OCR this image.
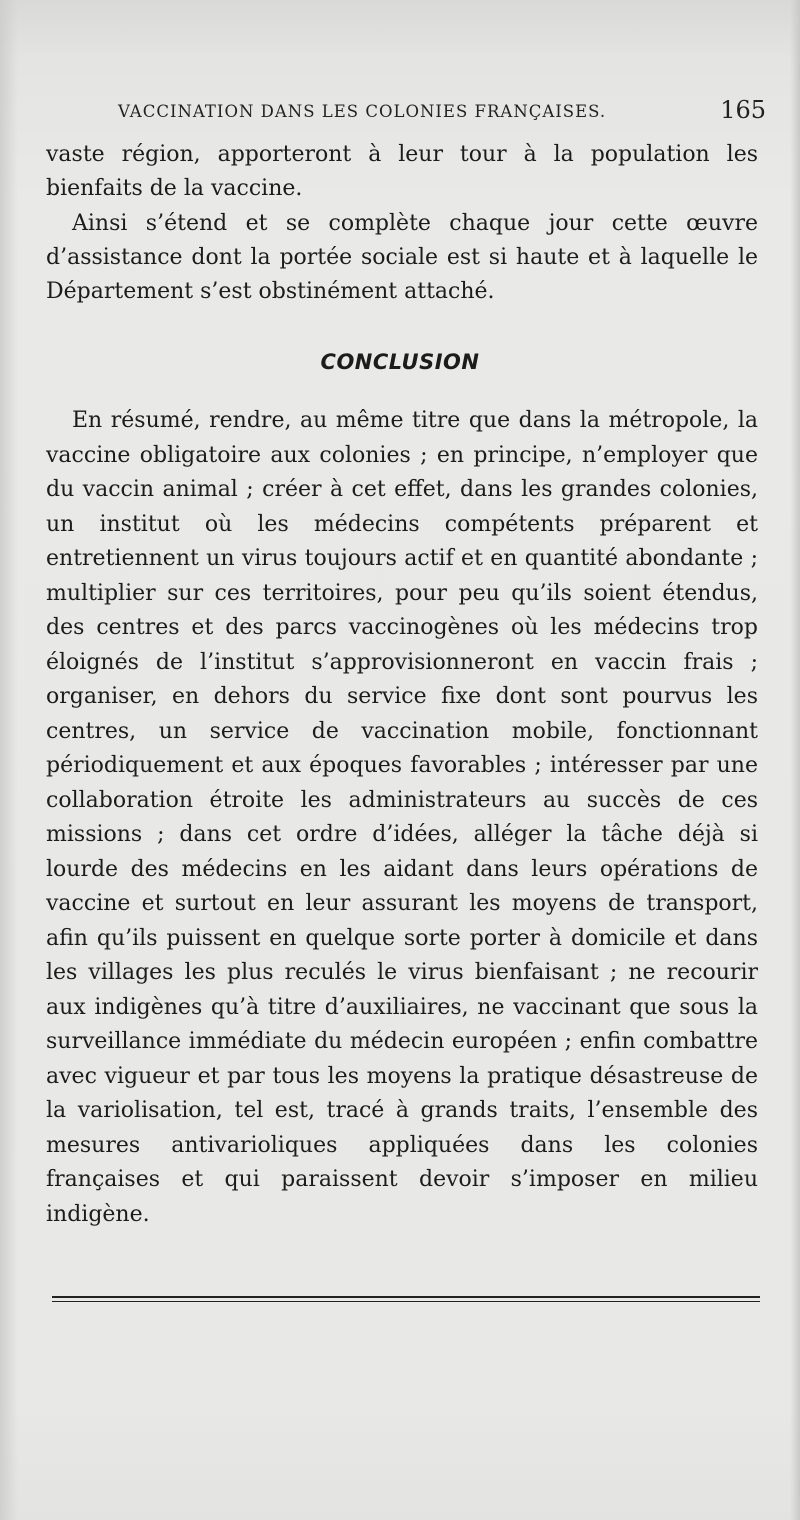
VACCINATION DANS LES COLONIES FRANÇAISES.	165

vaste région, apporteront à leur tour à la population les bienfaits de la vaccine.

Ainsi s’étend et se complète chaque jour cette œuvre d’assistance dont la portée sociale est si haute et à laquelle le Département s’est obstinément attaché.

CONCLUSION

En résumé, rendre, au même titre que dans la métropole, la vaccine obligatoire aux colonies ; en principe, n’employer que du vaccin animal ; créer à cet effet, dans les grandes colonies, un institut où les médecins compétents préparent et entretiennent un virus toujours actif et en quantité abondante ; multiplier sur ces territoires, pour peu qu’ils soient étendus, des centres et des parcs vaccinogènes où les médecins trop éloignés de l’institut s’approvisionneront en vaccin frais ; organiser, en dehors du service fixe dont sont pourvus les centres, un service de vaccination mobile, fonctionnant périodiquement et aux époques favorables ; intéresser par une collaboration étroite les administrateurs au succès de ces missions ; dans cet ordre d’idées, alléger la tâche déjà si lourde des médecins en les aidant dans leurs opérations de vaccine et surtout en leur assurant les moyens de transport, afin qu’ils puissent en quelque sorte porter à domicile et dans les villages les plus reculés le virus bienfaisant ; ne recourir aux indigènes qu’à titre d’auxiliaires, ne vaccinant que sous la surveillance immédiate du médecin européen ; enfin combattre avec vigueur et par tous les moyens la pratique désastreuse de la variolisation, tel est, tracé à grands traits, l’ensemble des mesures antivarioliques appliquées dans les colonies françaises et qui paraissent devoir s’imposer en milieu indigène.
